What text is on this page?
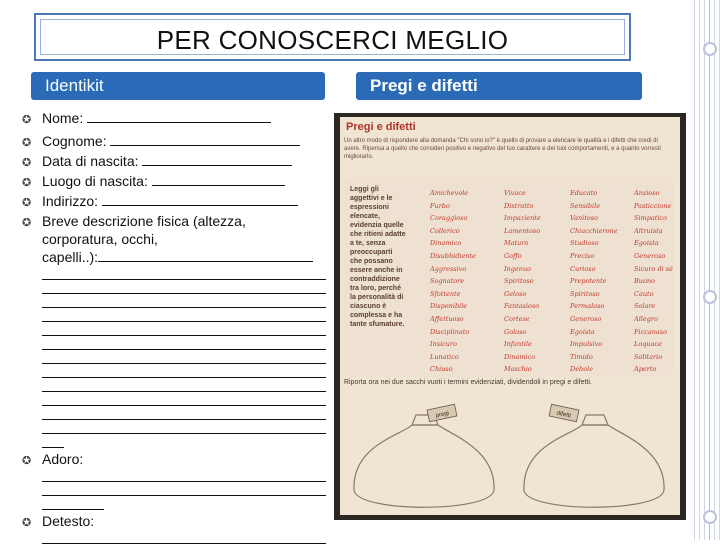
PER CONOSCERCI MEGLIO
Identikit	Pregi e difetti
✪ Nome:
✪ Cognome:
✪ Data di nascita:
✪ Luogo di nascita:
✪ Indirizzo:
✪ Breve descrizione fisica (altezza,
corporatura, occhi,
capelli..):
✪ Adoro:
✪ Detesto:
Pregi e difetti
Un altro modo di rispondere alla domanda "Chi sono io?" è quello di provare a elencare le qualità e i difetti che credi di avere. Ripensa a quello che consideri positivo e negativo del tuo carattere e dei tuoi comportamenti, e a quanto vorresti migliorarlo.
Leggi gli aggettivi e le espressioni elencate, evidenzia quelle che ritieni adatte a te, senza preoccuparti che possano essere anche in contraddizione tra loro, perché la personalità di ciascuno è complessa e ha tante sfumature.
Amichevole
Furbo
Coraggioso
Collerico
Dinamico
Disubbidiente
Aggressivo
Sognatore
Sfottente
Disponibile
Affettuoso
Disciplinato
Insicuro
Lunatico
Chiuso
Vivace
Distratto
Impaziente
Lamentoso
Maturo
Goffo
Ingenuo
Spiritoso
Geloso
Fantasioso
Cortese
Goloso
Infantile
Dinamico
Maschio
Educato
Sensibile
Vanitoso
Chiacchierone
Studioso
Preciso
Curioso
Prepotente
Spiritoso
Permaloso
Generoso
Egoista
Impulsivo
Timido
Debole
Ansioso
Pasticcione
Simpatico
Altruista
Egoista
Generoso
Sicuro di sé
Buono
Cauto
Solare
Allegro
Ficcanaso
Loquace
Solitario
Aperto
Riporta ora nei due sacchi vuoti i termini evidenziati, dividendoli in pregi e difetti.
pregi	difetti
